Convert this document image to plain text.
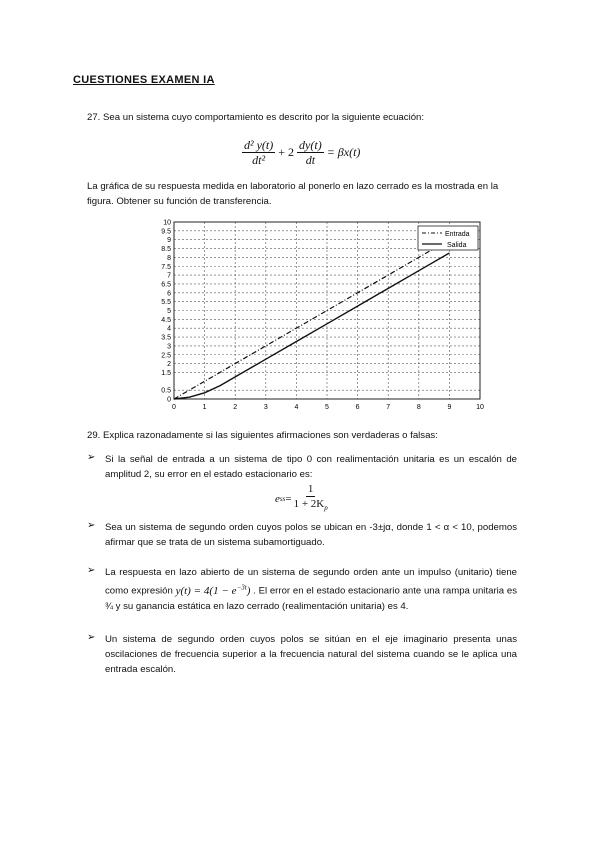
CUESTIONES EXAMEN IA
27. Sea un sistema cuyo comportamiento es descrito por la siguiente ecuación:
$\frac{\text{d² y(t)}}{\text{dt²}} + 2 \frac{dy(t)}{dt} = \beta x(t)$
La gráfica de su respuesta medida en laboratorio al ponerlo en lazo cerrado es la mostrada en la figura. Obtener su función de transferencia.
0
0.5
1.5
2
2.5
3
3.5
4
4.5
5
5.5
6
6.5
7
7.5
8
8.5
9
9.5
10
0	1	2	3	4	5	6	7	8	9	10
Entrada
Salida
29. Explica razonadamente si las siguientes afirmaciones son verdaderas o falsas:
➢ Si la señal de entrada a un sistema de tipo 0 con realimentación unitaria es un escalón de amplitud 2, su error en el estado estacionario es:
e ss = $\frac{1}{1 + 2K_p}$
➢ Sea un sistema de segundo orden cuyos polos se ubican en -3±jα, donde 1 < α < 10, podemos afirmar que se trata de un sistema subamortiguado.
➢ La respuesta en lazo abierto de un sistema de segundo orden ante un impulso (unitario) tiene como expresión $y(t) = 4(1 - e^{-3t})$ . El error en el estado estacionario ante una rampa unitaria es ¾ y su ganancia estática en lazo cerrado (realimentación unitaria) es 4.
➢ Un sistema de segundo orden cuyos polos se sitúan en el eje imaginario presenta unas oscilaciones de frecuencia superior a la frecuencia natural del sistema cuando se le aplica una entrada escalón.
